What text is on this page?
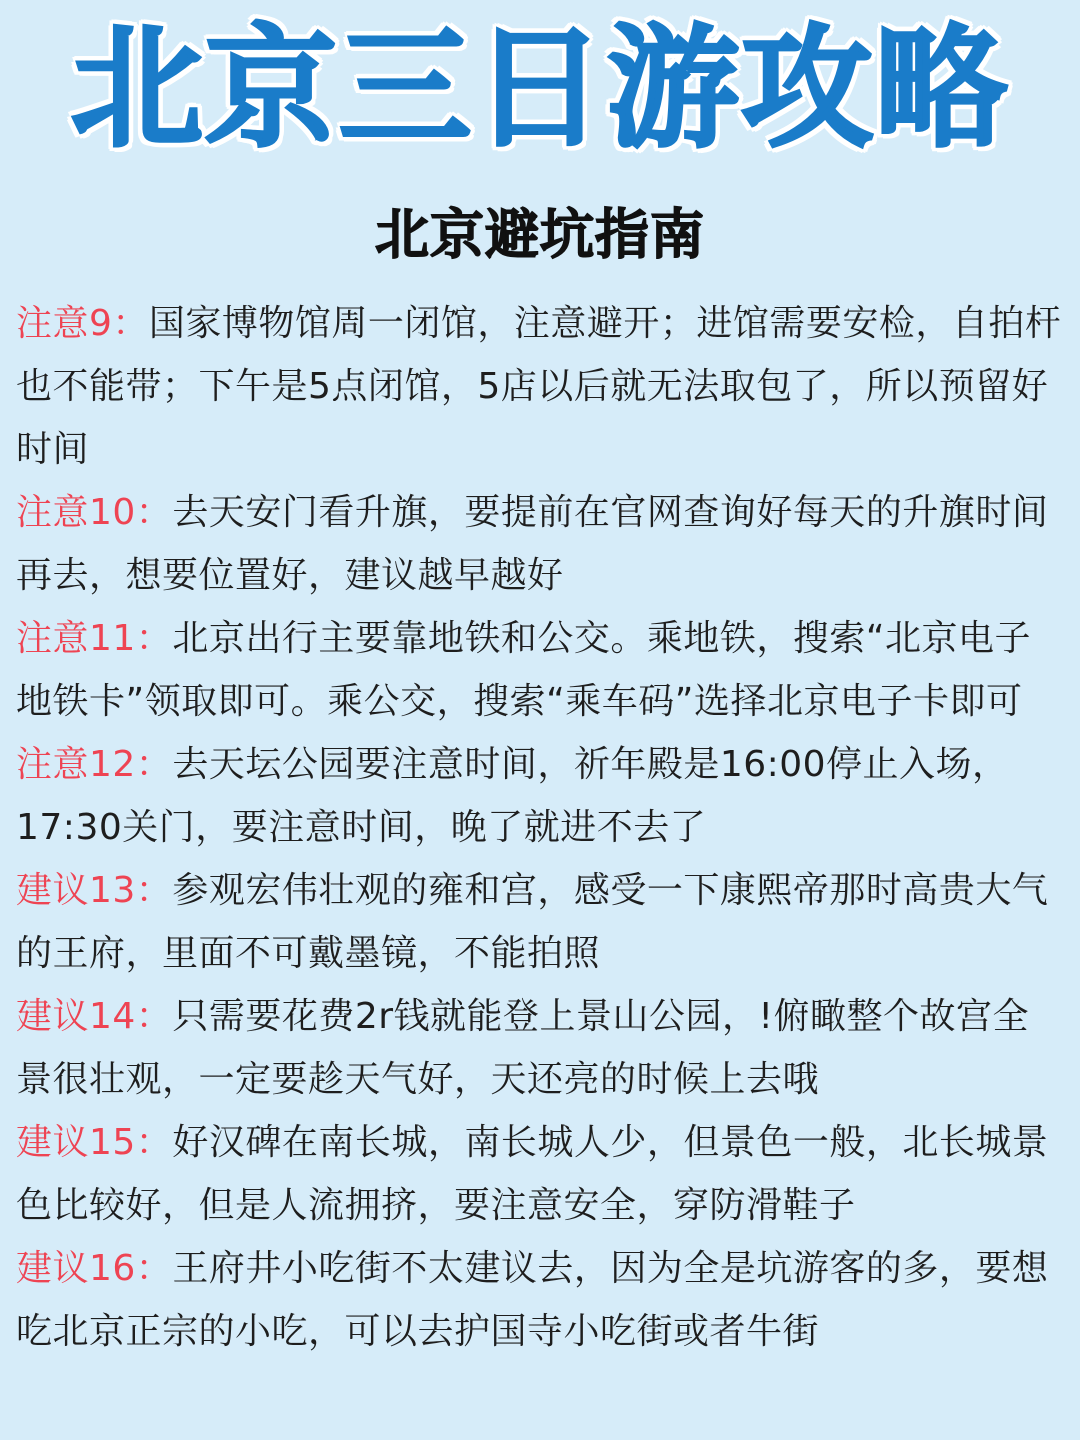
北京三日游攻略
北京避坑指南
注意9：国家博物馆周一闭馆，注意避开；进馆需要安检，自拍杆也不能带；下午是5点闭馆，5店以后就无法取包了，所以预留好时间
注意10：去天安门看升旗，要提前在官网查询好每天的升旗时间再去，想要位置好，建议越早越好
注意11：北京出行主要靠地铁和公交。乘地铁，搜索“北京电子地铁卡”领取即可。乘公交，搜索“乘车码”选择北京电子卡即可
注意12：去天坛公园要注意时间，祈年殿是16:00停止入场，17:30关门，要注意时间，晚了就进不去了
建议13：参观宏伟壮观的雍和宫，感受一下康熙帝那时高贵大气的王府，里面不可戴墨镜，不能拍照
建议14：只需要花费2r钱就能登上景山公园，!俯瞰整个故宫全景很壮观，一定要趁天气好，天还亮的时候上去哦
建议15：好汉碑在南长城，南长城人少，但景色一般，北长城景色比较好，但是人流拥挤，要注意安全，穿防滑鞋子
建议16：王府井小吃街不太建议去，因为全是坑游客的多，要想吃北京正宗的小吃，可以去护国寺小吃街或者牛街
